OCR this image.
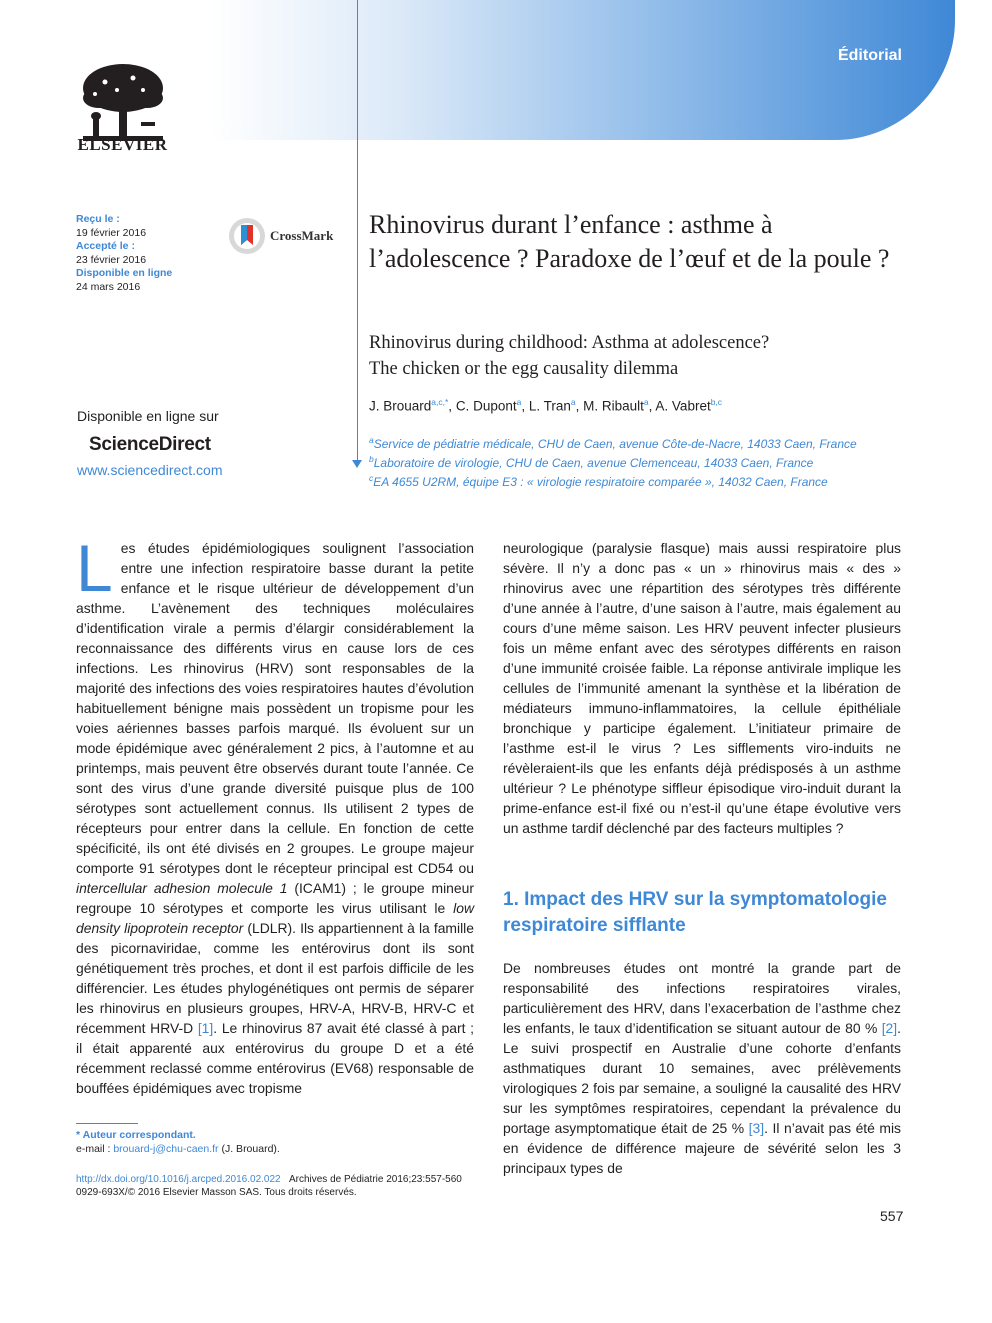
Éditorial
ELSEVIER
Reçu le :
19 février 2016
Accepté le :
23 février 2016
Disponible en ligne
24 mars 2016
CrossMark
Disponible en ligne sur
ScienceDirect
www.sciencedirect.com
Rhinovirus durant l’enfance : asthme à l’adolescence ? Paradoxe de l’œuf et de la poule ?
Rhinovirus during childhood: Asthma at adolescence?
The chicken or the egg causality dilemma
J. Brouard$^{a,c,*}$, C. Dupont$^a$, L. Tran$^a$, M. Ribault$^a$, A. Vabret$^{b,c}$
$^a$Service de pédiatrie médicale, CHU de Caen, avenue Côte-de-Nacre, 14033 Caen, France
$^b$Laboratoire de virologie, CHU de Caen, avenue Clemenceau, 14033 Caen, France
$^c$EA 4655 U2RM, équipe E3 : « virologie respiratoire comparée », 14032 Caen, France

Les études épidémiologiques soulignent l’association entre une infection respiratoire basse durant la petite enfance et le risque ultérieur de développement d’un asthme. L’avènement des techniques moléculaires d’identification virale a permis d’élargir considérablement la reconnaissance des différents virus en cause lors de ces infections. Les rhinovirus (HRV) sont responsables de la majorité des infections des voies respiratoires hautes d’évolution habituellement bénigne mais possèdent un tropisme pour les voies aériennes basses parfois marqué. Ils évoluent sur un mode épidémique avec généralement 2 pics, à l’automne et au printemps, mais peuvent être observés durant toute l’année. Ce sont des virus d’une grande diversité puisque plus de 100 sérotypes sont actuellement connus. Ils utilisent 2 types de récepteurs pour entrer dans la cellule. En fonction de cette spécificité, ils ont été divisés en 2 groupes. Le groupe majeur comporte 91 sérotypes dont le récepteur principal est CD54 ou intercellular adhesion molecule 1 (ICAM1) ; le groupe mineur regroupe 10 sérotypes et comporte les virus utilisant le low density lipoprotein receptor (LDLR). Ils appartiennent à la famille des picornaviridae, comme les entérovirus dont ils sont génétiquement très proches, et dont il est parfois difficile de les différencier. Les études phylogénétiques ont permis de séparer les rhinovirus en plusieurs groupes, HRV-A, HRV-B, HRV-C et récemment HRV-D [1]. Le rhinovirus 87 avait été classé à part ; il était apparenté aux entérovirus du groupe D et a été récemment reclassé comme entérovirus (EV68) responsable de bouffées épidémiques avec tropisme

neurologique (paralysie flasque) mais aussi respiratoire plus sévère. Il n’y a donc pas « un » rhinovirus mais « des » rhinovirus avec une répartition des sérotypes très différente d’une année à l’autre, d’une saison à l’autre, mais également au cours d’une même saison. Les HRV peuvent infecter plusieurs fois un même enfant avec des sérotypes différents en raison d’une immunité croisée faible. La réponse antivirale implique les cellules de l’immunité amenant la synthèse et la libération de médiateurs immuno-inflammatoires, la cellule épithéliale bronchique y participe également. L’initiateur primaire de l’asthme est-il le virus ? Les sifflements viro-induits ne révèleraient-ils que les enfants déjà prédisposés à un asthme ultérieur ? Le phénotype siffleur épisodique viro-induit durant la prime-enfance est-il fixé ou n’est-il qu’une étape évolutive vers un asthme tardif déclenché par des facteurs multiples ?

1. Impact des HRV sur la symptomatologie respiratoire sifflante

De nombreuses études ont montré la grande part de responsabilité des infections respiratoires virales, particulièrement des HRV, dans l’exacerbation de l’asthme chez les enfants, le taux d’identification se situant autour de 80 % [2]. Le suivi prospectif en Australie d’une cohorte d’enfants asthmatiques durant 10 semaines, avec prélèvements virologiques 2 fois par semaine, a souligné la causalité des HRV sur les symptômes respiratoires, cependant la prévalence du portage asymptomatique était de 25 % [3]. Il n’avait pas été mis en évidence de différence majeure de sévérité selon les 3 principaux types de

* Auteur correspondant.
e-mail : brouard-j@chu-caen.fr (J. Brouard).
http://dx.doi.org/10.1016/j.arcped.2016.02.022 Archives de Pédiatrie 2016;23:557-560
0929-693X/© 2016 Elsevier Masson SAS. Tous droits réservés.
557
